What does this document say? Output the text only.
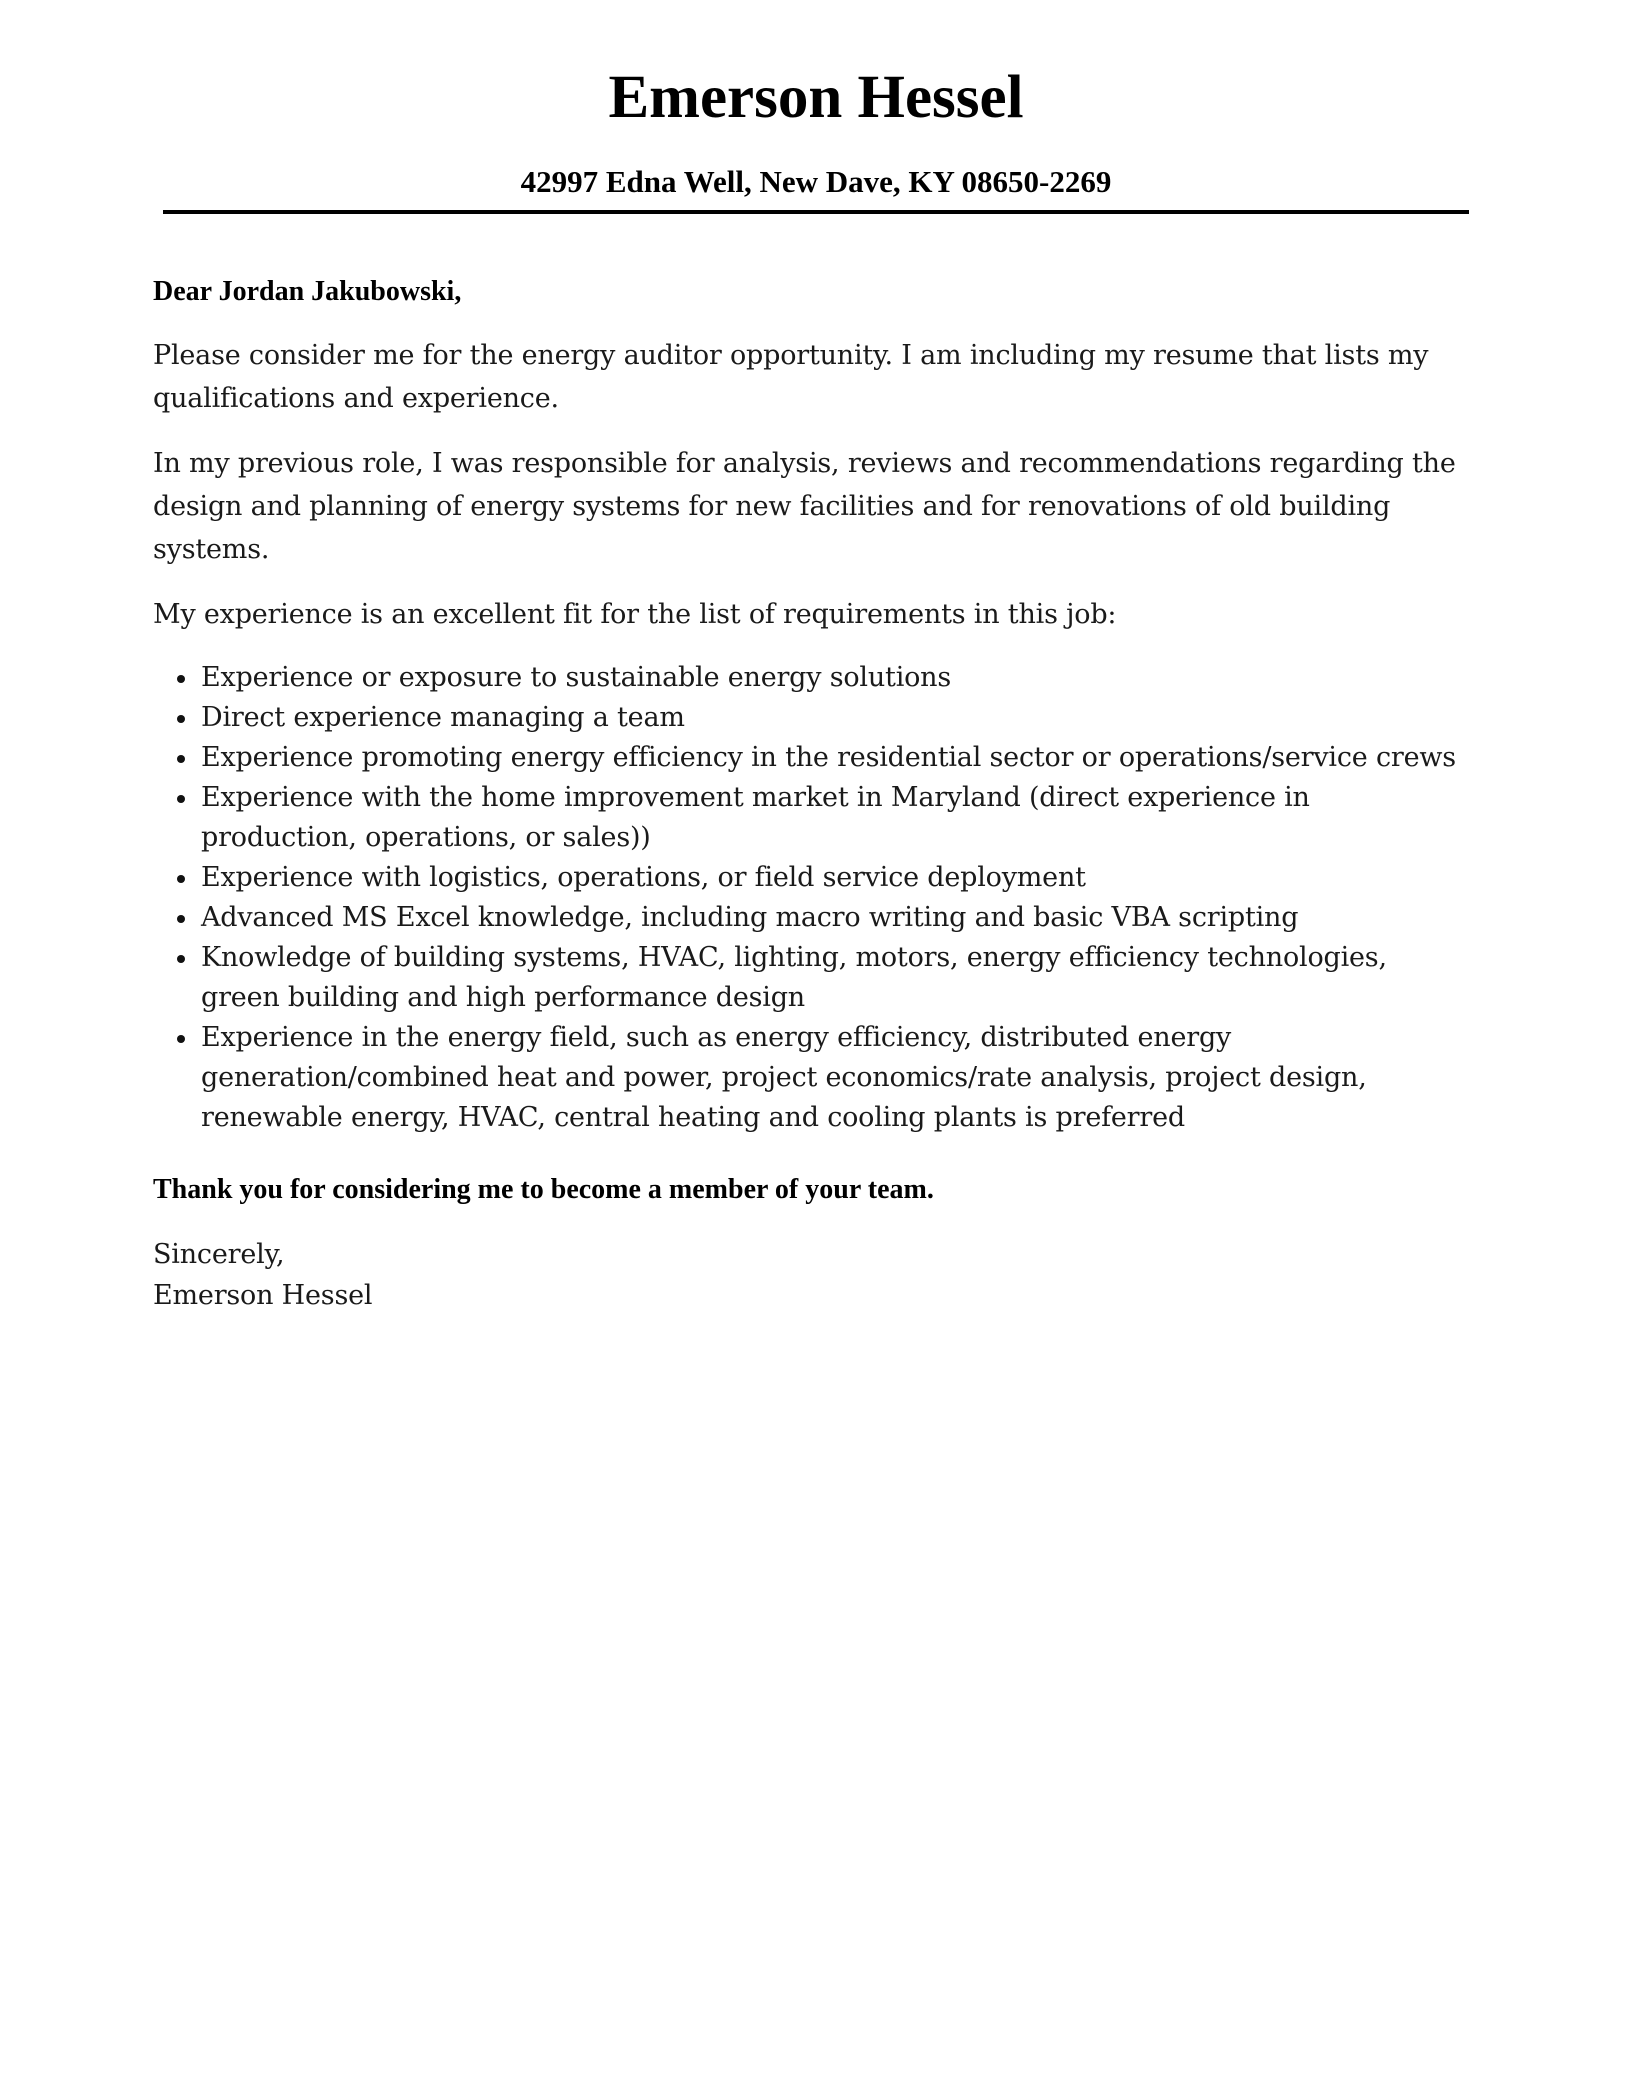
Emerson Hessel
42997 Edna Well, New Dave, KY 08650-2269

Dear Jordan Jakubowski,

Please consider me for the energy auditor opportunity. I am including my resume that lists my qualifications and experience.

In my previous role, I was responsible for analysis, reviews and recommendations regarding the design and planning of energy systems for new facilities and for renovations of old building systems.

My experience is an excellent fit for the list of requirements in this job:

Experience or exposure to sustainable energy solutions
Direct experience managing a team
Experience promoting energy efficiency in the residential sector or operations/service crews
Experience with the home improvement market in Maryland (direct experience in production, operations, or sales))
Experience with logistics, operations, or field service deployment
Advanced MS Excel knowledge, including macro writing and basic VBA scripting
Knowledge of building systems, HVAC, lighting, motors, energy efficiency technologies, green building and high performance design
Experience in the energy field, such as energy efficiency, distributed energy generation/combined heat and power, project economics/rate analysis, project design, renewable energy, HVAC, central heating and cooling plants is preferred

Thank you for considering me to become a member of your team.

Sincerely,

Emerson Hessel
